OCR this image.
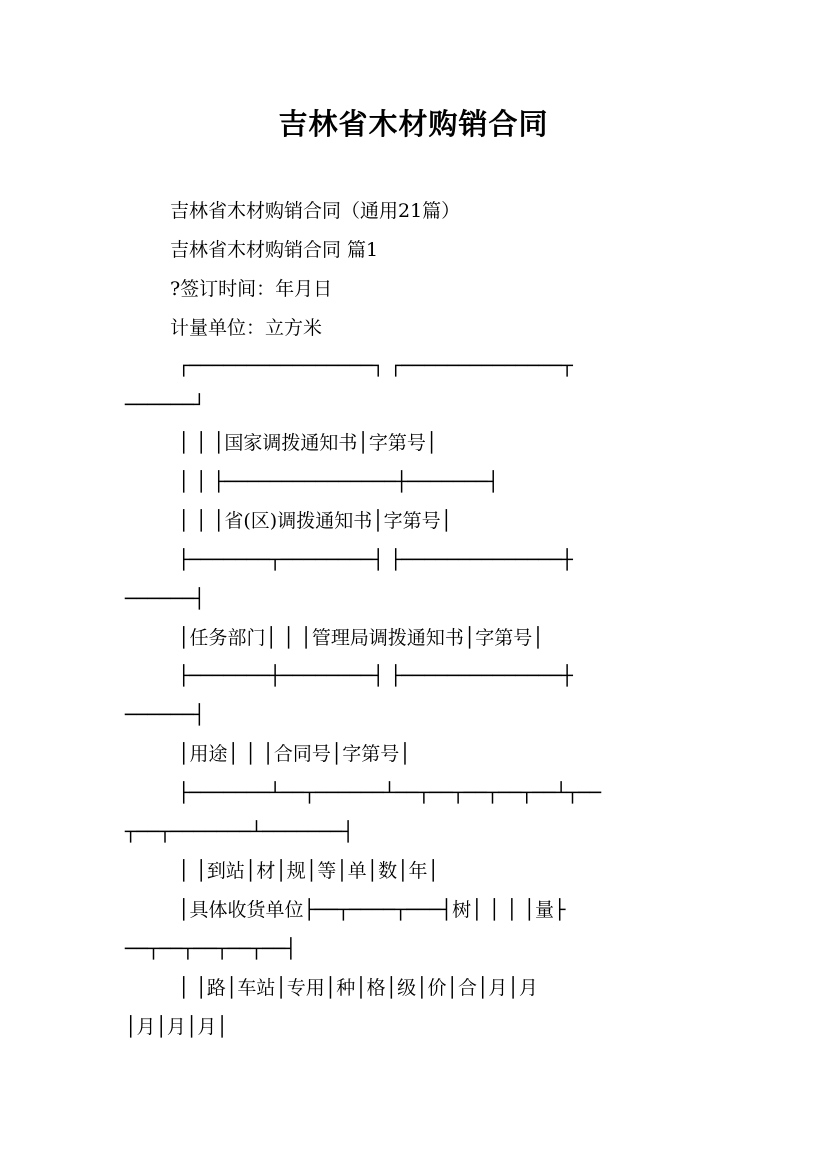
吉林省木材购销合同
吉林省木材购销合同（通用21篇）
吉林省木材购销合同 篇1
?签订时间：年月日
计量单位：立方米
┌────────────────┐ ┌──────────────┬
──────┘
│ │ │国家调拨通知书│字第号│
│ │ ├───────────────┼───────┤
│ │ │省(区)调拨通知书│字第号│
├───────┬────────┤ ├──────────────┼
──────┤
│任务部门│ │ │管理局调拨通知书│字第号│
├───────┼────────┤ ├──────────────┼
──────┤
│用途│ │ │合同号│字第号│
├───────┴──┬──────┴──┬──┬──┬──┬──┴┬──
┬──┬───────┴───────┤
│ │到站│材│规│等│单│数│年│
│具体收货单位├──┬────┬───┤树│ │ │ │量├
──┬──┬──┬──┬──┤
│ │路│车站│专用│种│格│级│价│合│月│月
│月│月│月│
